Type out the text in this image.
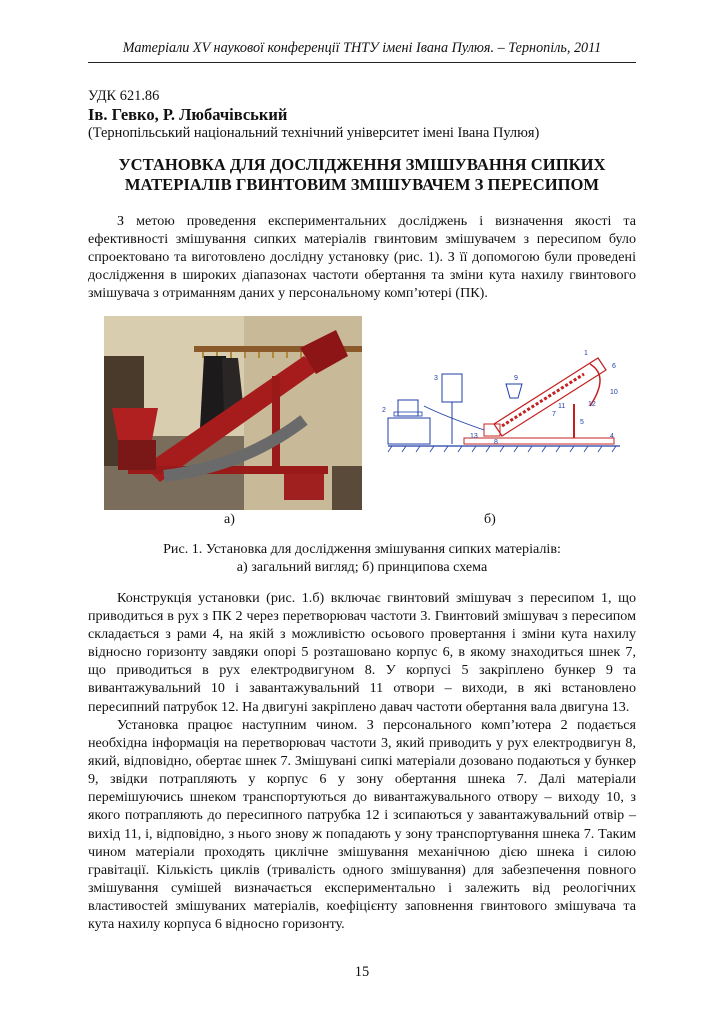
Матеріали XV наукової конференції ТНТУ імені Івана Пулюя. – Тернопіль, 2011
УДК 621.86
Ів. Гевко, Р. Любачівський
(Тернопільський національний технічний університет імені Івана Пулюя)
УСТАНОВКА ДЛЯ ДОСЛІДЖЕННЯ ЗМІШУВАННЯ СИПКИХ
МАТЕРІАЛІВ ГВИНТОВИМ ЗМІШУВАЧЕМ З ПЕРЕСИПОМ

З метою проведення експериментальних досліджень і визначення якості та ефективності змішування сипких матеріалів гвинтовим змішувачем з пересипом було спроектовано та виготовлено дослідну установку (рис. 1). З її допомогою були проведені дослідження в широких діапазонах частоти обертання та зміни кута нахилу гвинтового змішувача з отриманням даних у персональному комп’ютері (ПК).

1
2
3
4
5
6
7
8
9
10
11	12
13
а)	б)
Рис. 1. Установка для дослідження змішування сипких матеріалів:
а) загальний вигляд; б) принципова схема

Конструкція установки (рис. 1.б) включає гвинтовий змішувач з пересипом 1, що приводиться в рух з ПК 2 через перетворювач частоти 3. Гвинтовий змішувач з пересипом складається з рами 4, на якій з можливістю осьового провертання і зміни кута нахилу відносно горизонту завдяки опорі 5 розташовано корпус 6, в якому знаходиться шнек 7, що приводиться в рух електродвигуном 8. У корпусі 5 закріплено бункер 9 та вивантажувальний 10 і завантажувальний 11 отвори – виходи, в які встановлено пересипний патрубок 12. На двигуні закріплено давач частоти обертання вала двигуна 13.

Установка працює наступним чином. З персонального комп’ютера 2 подається необхідна інформація на перетворювач частоти 3, який приводить у рух електродвигун 8, який, відповідно, обертає шнек 7. Змішувані сипкі матеріали дозовано подаються у бункер 9, звідки потрапляють у корпус 6 у зону обертання шнека 7. Далі матеріали перемішуючись шнеком транспортуються до вивантажувального отвору – виходу 10, з якого потрапляють до пересипного патрубка 12 і зсипаються у завантажувальний отвір – вихід 11, і, відповідно, з нього знову ж попадають у зону транспортування шнека 7. Таким чином матеріали проходять циклічне змішування механічною дією шнека і силою гравітації. Кількість циклів (тривалість одного змішування) для забезпечення повного змішування сумішей визначається експериментально і залежить від реологічних властивостей змішуваних матеріалів, коефіцієнту заповнення гвинтового змішувача та кута нахилу корпуса 6 відносно горизонту.

15
